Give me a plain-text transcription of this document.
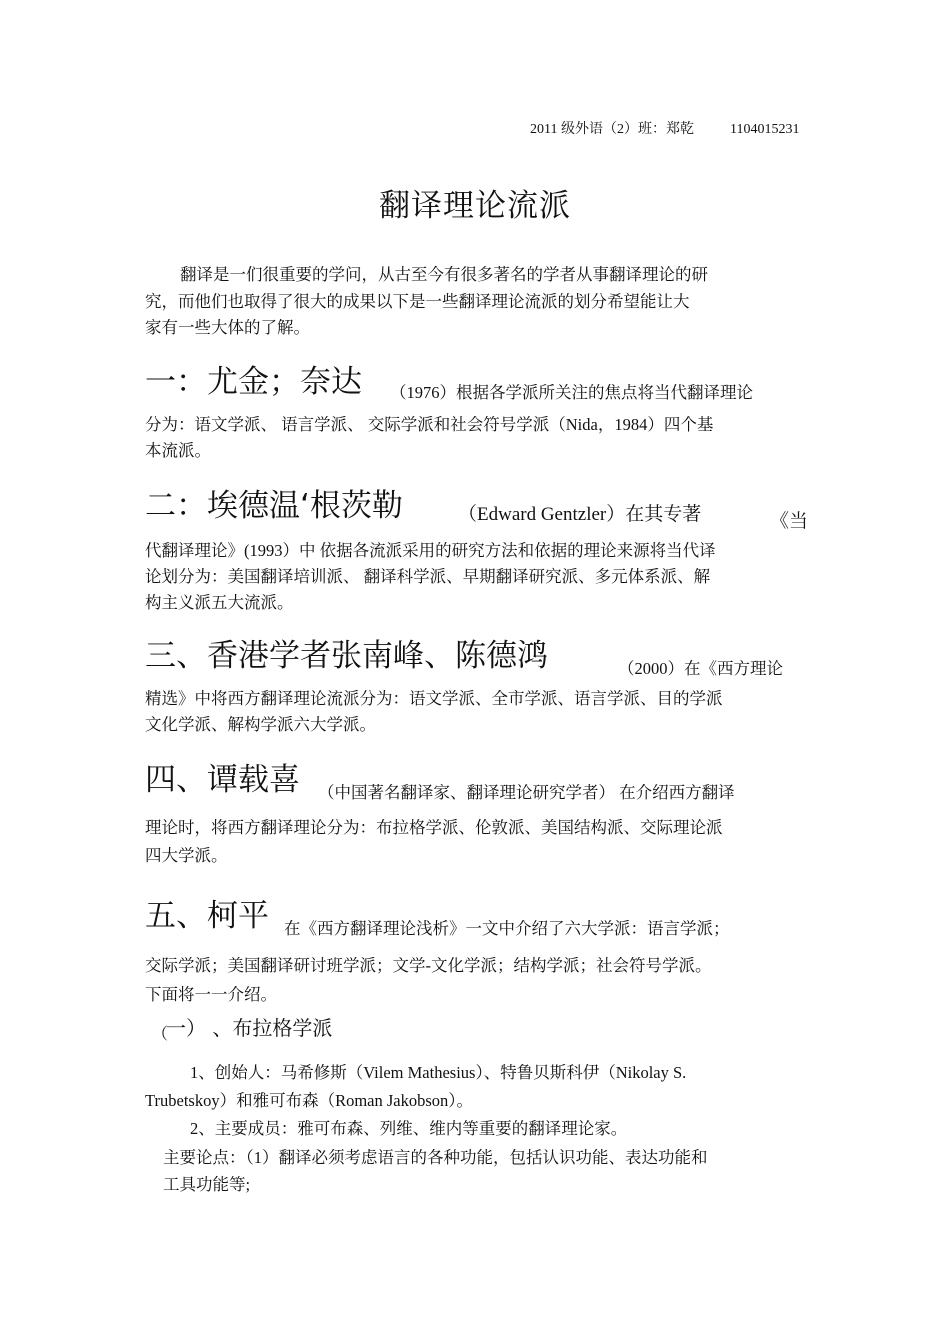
2011 级外语（2）班：郑乾	1104015231
翻译理论流派
翻译是一们很重要的学问，从古至今有很多著名的学者从事翻译理论的研
究，而他们也取得了很大的成果以下是一些翻译理论流派的划分希望能让大
家有一些大体的了解。
一：尤金；奈达 （1976）根据各学派所关注的焦点将当代翻译理论
分为：语文学派、 语言学派、 交际学派和社会符号学派（Nida，1984）四个基
本流派。
二：埃德温‘根茨勒	（Edward Gentzler）在其专著	《当
代翻译理论》(1993）中 依据各流派采用的研究方法和依据的理论来源将当代译
论划分为：美国翻译培训派、 翻译科学派、早期翻译研究派、多元体系派、解
构主义派五大流派。
三、香港学者张南峰、陈德鸿	（2000）在《西方理论
精选》中将西方翻译理论流派分为：语文学派、全市学派、语言学派、目的学派
文化学派、解构学派六大学派。
四、谭载喜 （中国著名翻译家、翻译理论研究学者） 在介绍西方翻译
理论时，将西方翻译理论分为：布拉格学派、伦敦派、美国结构派、交际理论派
四大学派。
五、柯平 在《西方翻译理论浅析》一文中介绍了六大学派：语言学派；
交际学派；美国翻译研讨班学派；文学-文化学派；结构学派；社会符号学派。
下面将一一介绍。
（
一） 、布拉格学派
1、创始人：马希修斯（Vilem Mathesius）、特鲁贝斯科伊（Nikolay S.
Trubetskoy）和雅可布森（Roman Jakobson）。
2、主要成员：雅可布森、列维、维内等重要的翻译理论家。
主要论点：（1）翻译必须考虑语言的各种功能，包括认识功能、表达功能和
工具功能等;
